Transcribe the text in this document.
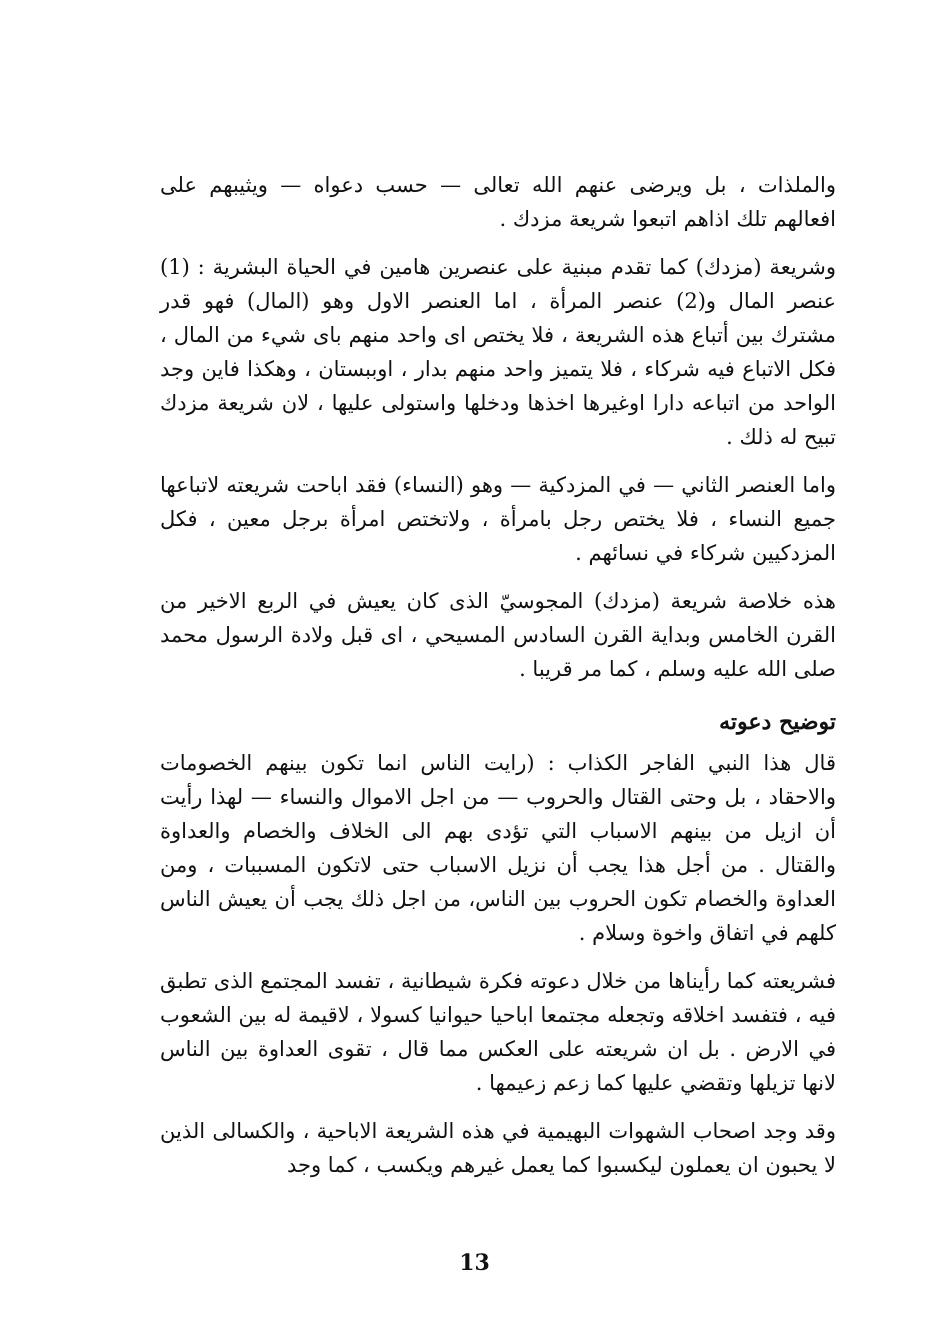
والملذات ، بل ويرضى عنهم الله تعالى — حسب دعواه — ويثيبهم على افعالهم تلك اذاهم اتبعوا شريعة مزدك .

وشريعة (مزدك) كما تقدم مبنية على عنصرين هامين في الحياة البشرية : (1) عنصر المال و(2) عنصر المرأة ، اما العنصر الاول وهو (المال) فهو قدر مشترك بين أتباع هذه الشريعة ، فلا يختص اى واحد منهم باى شيء من المال ، فكل الاتباع فيه شركاء ، فلا يتميز واحد منهم بدار ، اوببستان ، وهكذا فاين وجد الواحد من اتباعه دارا اوغيرها اخذها ودخلها واستولى عليها ، لان شريعة مزدك تبيح له ذلك .

واما العنصر الثاني — في المزدكية — وهو (النساء) فقد اباحت شريعته لاتباعها جميع النساء ، فلا يختص رجل بامرأة ، ولاتختص امرأة برجل معين ، فكل المزدكيين شركاء في نسائهم .

هذه خلاصة شريعة (مزدك) المجوسيّ الذى كان يعيش في الربع الاخير من القرن الخامس وبداية القرن السادس المسيحي ، اى قبل ولادة الرسول محمد صلى الله عليه وسلم ، كما مر قريبا .

توضيح دعوته

قال هذا النبي الفاجر الكذاب : (رايت الناس انما تكون بينهم الخصومات والاحقاد ، بل وحتى القتال والحروب — من اجل الاموال والنساء — لهذا رأيت أن ازيل من بينهم الاسباب التي تؤدى بهم الى الخلاف والخصام والعداوة والقتال . من أجل هذا يجب أن نزيل الاسباب حتى لاتكون المسببات ، ومن العداوة والخصام تكون الحروب بين الناس، من اجل ذلك يجب أن يعيش الناس كلهم في اتفاق واخوة وسلام .

فشريعته كما رأيناها من خلال دعوته فكرة شيطانية ، تفسد المجتمع الذى تطبق فيه ، فتفسد اخلاقه وتجعله مجتمعا اباحيا حيوانيا كسولا ، لاقيمة له بين الشعوب في الارض . بل ان شريعته على العكس مما قال ، تقوى العداوة بين الناس لانها تزيلها وتقضي عليها كما زعم زعيمها .

وقد وجد اصحاب الشهوات البهيمية في هذه الشريعة الاباحية ، والكسالى الذين لا يحبون ان يعملون ليكسبوا كما يعمل غيرهم ويكسب ، كما وجد

13
